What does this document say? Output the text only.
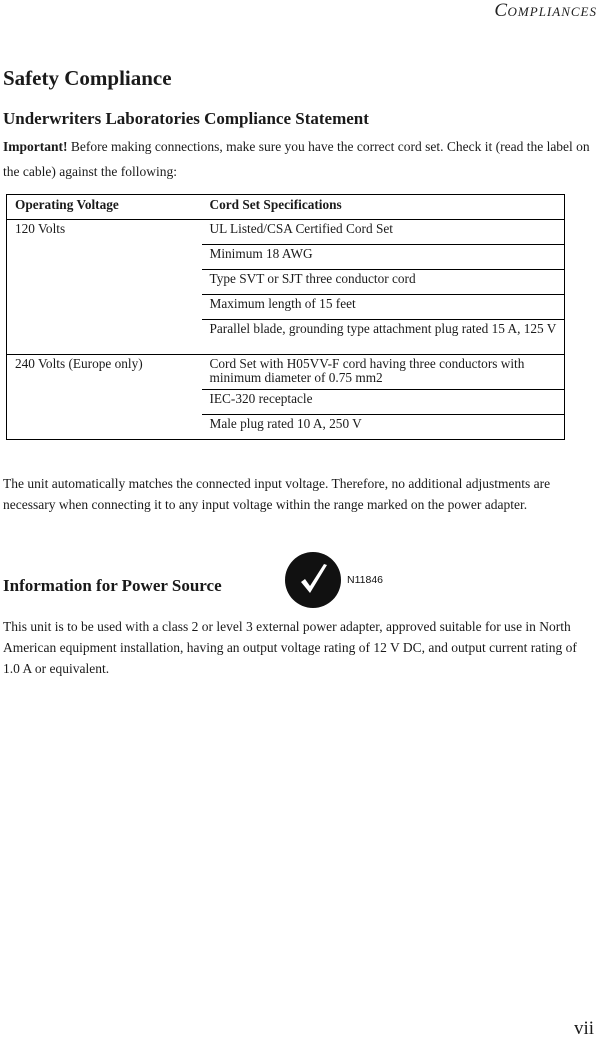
COMPLIANCES
Safety Compliance
Underwriters Laboratories Compliance Statement

Important! Before making connections, make sure you have the correct cord set. Check it (read the label on the cable) against the following:

Operating Voltage	Cord Set Specifications
120 Volts	UL Listed/CSA Certified Cord Set
	Minimum 18 AWG
	Type SVT or SJT three conductor cord
	Maximum length of 15 feet
	Parallel blade, grounding type attachment plug rated 15 A, 125 V
240 Volts (Europe only)	Cord Set with H05VV-F cord having three conductors with minimum diameter of 0.75 mm2
	IEC-320 receptacle
	Male plug rated 10 A, 250 V

The unit automatically matches the connected input voltage. Therefore, no additional adjustments are necessary when connecting it to any input voltage within the range marked on the power adapter.

Information for Power Source	N11846

This unit is to be used with a class 2 or level 3 external power adapter, approved suitable for use in North American equipment installation, having an output voltage rating of 12 V DC, and output current rating of 1.0 A or equivalent.

vii
